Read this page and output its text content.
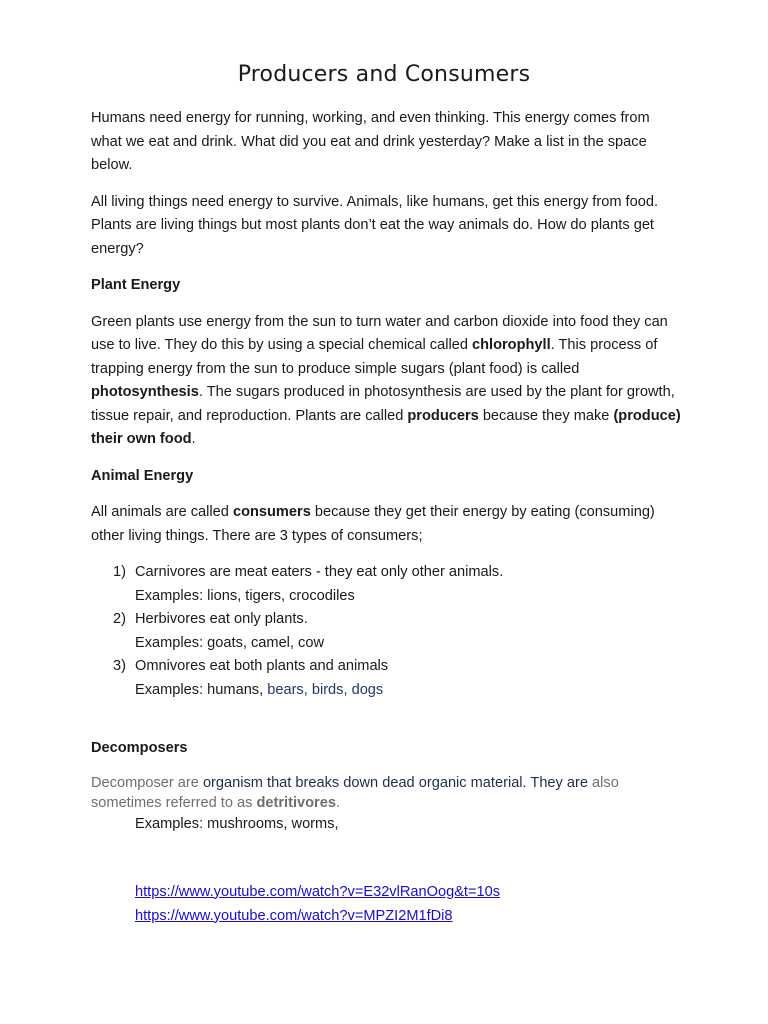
Producers and Consumers

Humans need energy for running, working, and even thinking. This energy comes from what we eat and drink. What did you eat and drink yesterday? Make a list in the space below.

All living things need energy to survive. Animals, like humans, get this energy from food. Plants are living things but most plants don’t eat the way animals do. How do plants get energy?

Plant Energy

Green plants use energy from the sun to turn water and carbon dioxide into food they can use to live. They do this by using a special chemical called chlorophyll. This process of trapping energy from the sun to produce simple sugars (plant food) is called photosynthesis. The sugars produced in photosynthesis are used by the plant for growth, tissue repair, and reproduction. Plants are called producers because they make (produce) their own food.

Animal Energy

All animals are called consumers because they get their energy by eating (consuming) other living things. There are 3 types of consumers;

1) Carnivores are meat eaters - they eat only other animals.
Examples: lions, tigers, crocodiles
2) Herbivores eat only plants.
Examples: goats, camel, cow
3) Omnivores eat both plants and animals
Examples: humans, bears, birds, dogs

Decomposers

Decomposer are organism that breaks down dead organic material. They are also sometimes referred to as detritivores.

Examples: mushrooms, worms,

https://www.youtube.com/watch?v=E32vlRanOog&t=10s
https://www.youtube.com/watch?v=MPZI2M1fDi8
